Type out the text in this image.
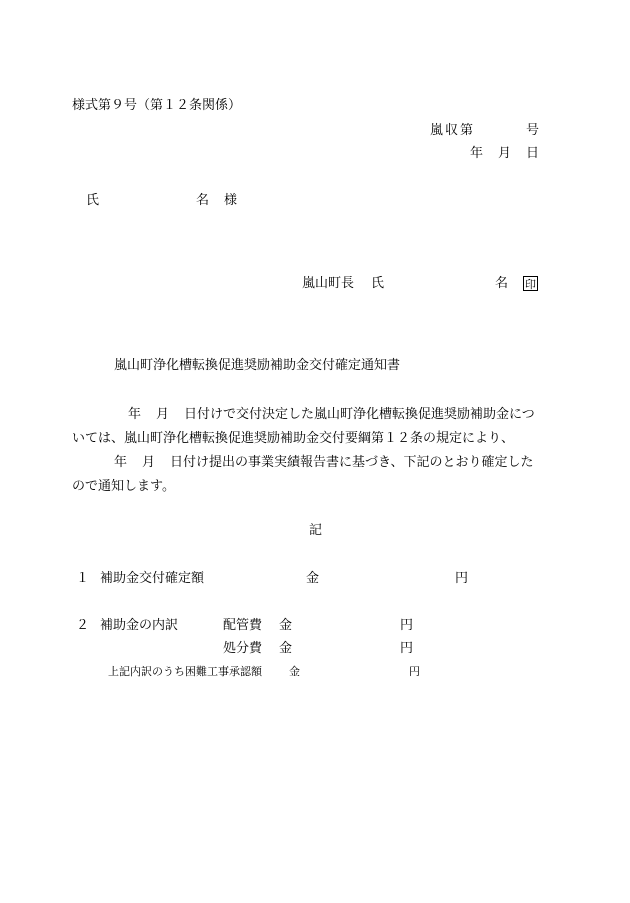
様式第９号（第１２条関係）
嵐収第	号
年 月 日
氏	名 様
嵐山町長 氏	名 印
嵐山町浄化槽転換促進奨励補助金交付確定通知書
年 月 日付けで交付決定した嵐山町浄化槽転換促進奨励補助金につ
いては、嵐山町浄化槽転換促進奨励補助金交付要綱第１２条の規定により、
年 月 日付け提出の事業実績報告書に基づき、下記のとおり確定した
ので通知します。
記
１ 補助金交付確定額	金	円
２ 補助金の内訳	配管費 金	円
処分費 金	円
上記内訳のうち困難工事承認額 金	円
